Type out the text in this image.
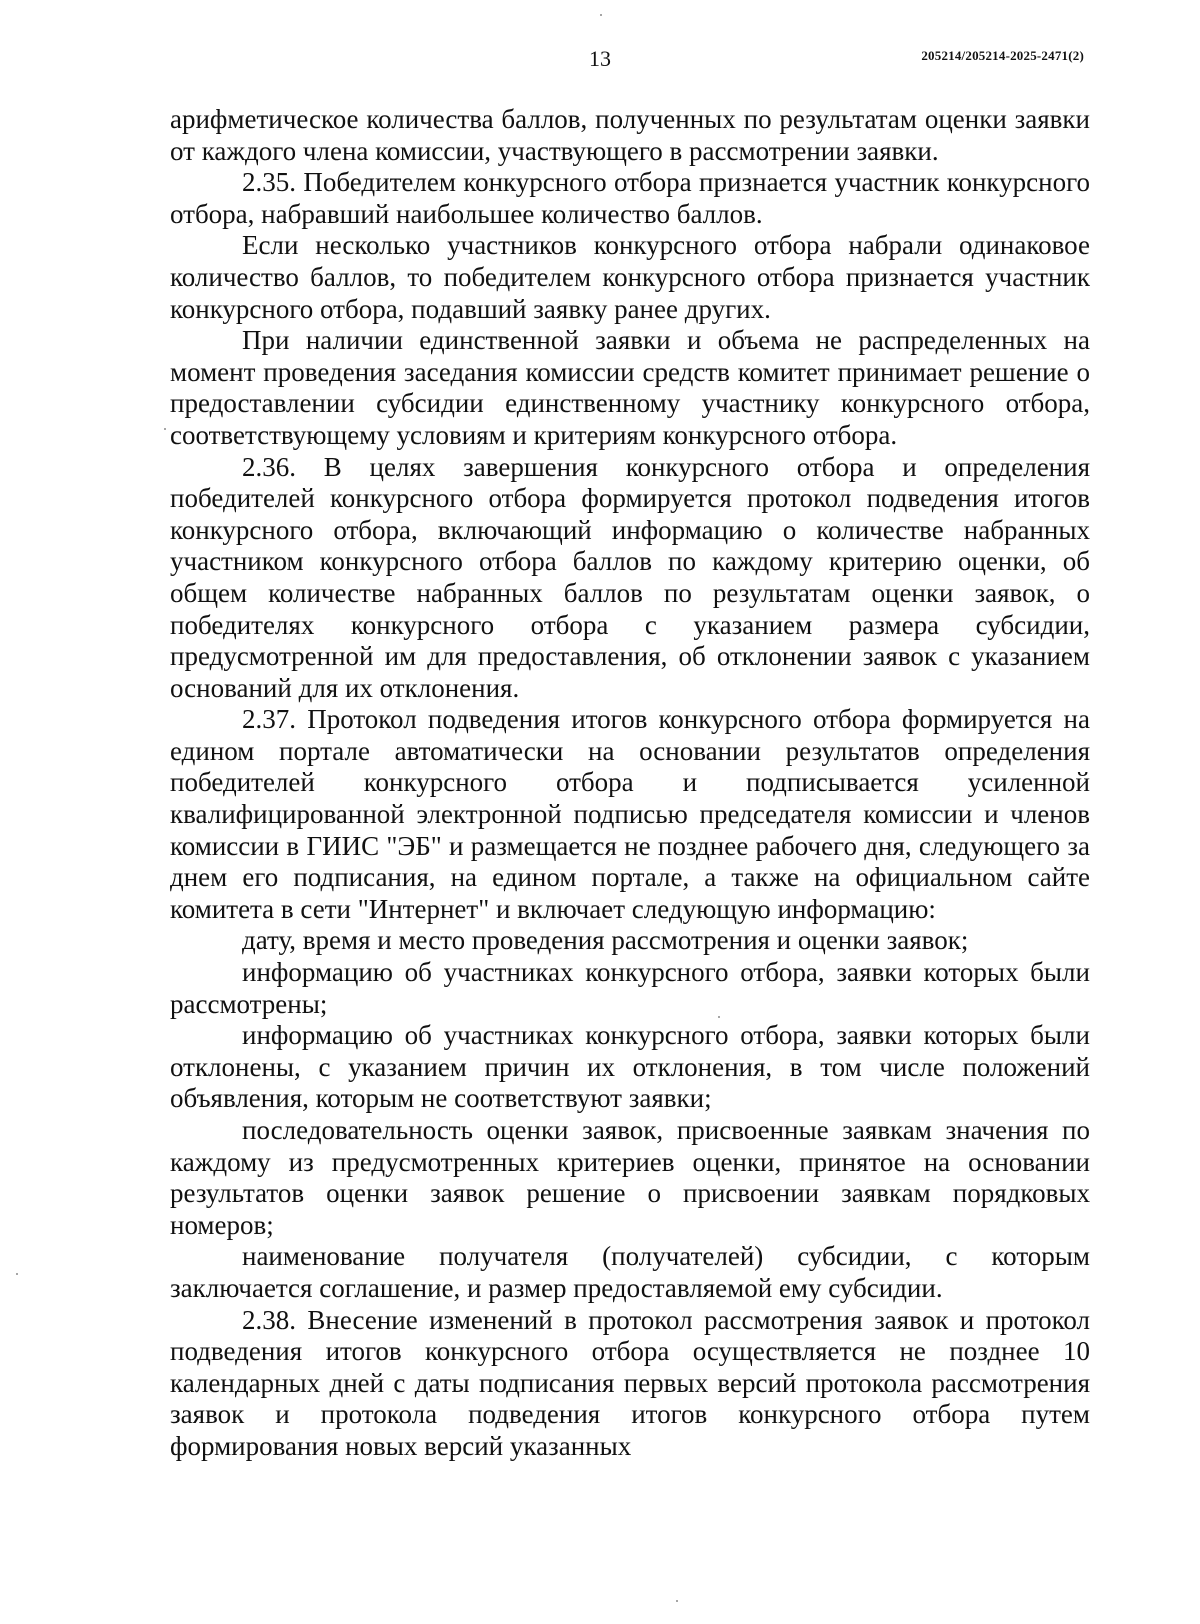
13	205214/205214-2025-2471(2)

арифметическое количества баллов, полученных по результатам оценки заявки от каждого члена комиссии, участвующего в рассмотрении заявки.

2.35. Победителем конкурсного отбора признается участник конкурсного отбора, набравший наибольшее количество баллов.

Если несколько участников конкурсного отбора набрали одинаковое количество баллов, то победителем конкурсного отбора признается участник конкурсного отбора, подавший заявку ранее других.

При наличии единственной заявки и объема не распределенных на момент проведения заседания комиссии средств комитет принимает решение о предоставлении субсидии единственному участнику конкурсного отбора, соответствующему условиям и критериям конкурсного отбора.

2.36. В целях завершения конкурсного отбора и определения победителей конкурсного отбора формируется протокол подведения итогов конкурсного отбора, включающий информацию о количестве набранных участником конкурсного отбора баллов по каждому критерию оценки, об общем количестве набранных баллов по результатам оценки заявок, о победителях конкурсного отбора с указанием размера субсидии, предусмотренной им для предоставления, об отклонении заявок с указанием оснований для их отклонения.

2.37. Протокол подведения итогов конкурсного отбора формируется на едином портале автоматически на основании результатов определения победителей конкурсного отбора и подписывается усиленной квалифицированной электронной подписью председателя комиссии и членов комиссии в ГИИС "ЭБ" и размещается не позднее рабочего дня, следующего за днем его подписания, на едином портале, а также на официальном сайте комитета в сети "Интернет" и включает следующую информацию:

дату, время и место проведения рассмотрения и оценки заявок;

информацию об участниках конкурсного отбора, заявки которых были рассмотрены;

информацию об участниках конкурсного отбора, заявки которых были отклонены, с указанием причин их отклонения, в том числе положений объявления, которым не соответствуют заявки;

последовательность оценки заявок, присвоенные заявкам значения по каждому из предусмотренных критериев оценки, принятое на основании результатов оценки заявок решение о присвоении заявкам порядковых номеров;

наименование получателя (получателей) субсидии, с которым заключается соглашение, и размер предоставляемой ему субсидии.

2.38. Внесение изменений в протокол рассмотрения заявок и протокол подведения итогов конкурсного отбора осуществляется не позднее 10 календарных дней с даты подписания первых версий протокола рассмотрения заявок и протокола подведения итогов конкурсного отбора путем формирования новых версий указанных
